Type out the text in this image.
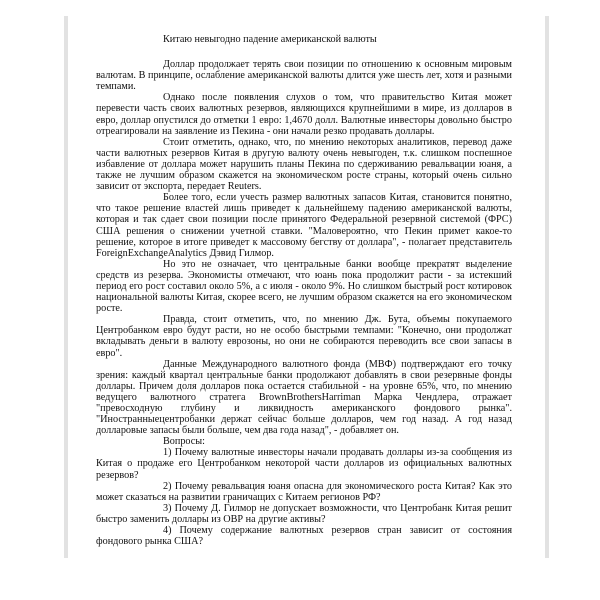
Китаю невыгодно падение американской валюты

Доллар продолжает терять свои позиции по отношению к основным мировым валютам. В принципе, ослабление американской валюты длится уже шесть лет, хотя и разными темпами.

Однако после появления слухов о том, что правительство Китая может перевести часть своих валютных резервов, являющихся крупнейшими в мире, из долларов в евро, доллар опустился до отметки 1 евро: 1,4670 долл. Валютные инвесторы довольно быстро отреагировали на заявление из Пекина - они начали резко продавать доллары.

Стоит отметить, однако, что, по мнению некоторых аналитиков, перевод даже части валютных резервов Китая в другую валюту очень невыгоден, т.к. слишком поспешное избавление от доллара может нарушить планы Пекина по сдерживанию ревальвации юаня, а также не лучшим образом скажется на экономическом росте страны, который очень сильно зависит от экспорта, передает Reuters.

Более того, если учесть размер валютных запасов Китая, становится понятно, что такое решение властей лишь приведет к дальнейшему падению американской валюты, которая и так сдает свои позиции после принятого Федеральной резервной системой (ФРС) США решения о снижении учетной ставки. "Маловероятно, что Пекин примет какое-то решение, которое в итоге приведет к массовому бегству от доллара", - полагает представитель ForeignExchangeAnalytics Дэвид Гилмор.

Но это не означает, что центральные банки вообще прекратят выделение средств из резерва. Экономисты отмечают, что юань пока продолжит расти - за истекший период его рост составил около 5%, а с июля - около 9%. Но слишком быстрый рост котировок национальной валюты Китая, скорее всего, не лучшим образом скажется на его экономическом росте.

Правда, стоит отметить, что, по мнению Дж. Бута, объемы покупаемого Центробанком евро будут расти, но не особо быстрыми темпами: "Конечно, они продолжат вкладывать деньги в валюту еврозоны, но они не собираются переводить все свои запасы в евро".

Данные Международного валютного фонда (МВФ) подтверждают его точку зрения: каждый квартал центральные банки продолжают добавлять в свои резервные фонды доллары. Причем доля долларов пока остается стабильной - на уровне 65%, что, по мнению ведущего валютного стратега BrownBrothersHarriman Марка Чендлера, отражает "превосходную глубину и ликвидность американского фондового рынка". "Иностранныецентробанки держат сейчас больше долларов, чем год назад. А год назад долларовые запасы были больше, чем два года назад", - добавляет он.

Вопросы:

1) Почему валютные инвесторы начали продавать доллары из-за сообщения из Китая о продаже его Центробанком некоторой части долларов из официальных валютных резервов?

2) Почему ревальвация юаня опасна для экономического роста Китая? Как это может сказаться на развитии граничащих с Китаем регионов РФ?

3) Почему Д. Гилмор не допускает возможности, что Центробанк Китая решит быстро заменить доллары из ОВР на другие активы?

4) Почему содержание валютных резервов стран зависит от состояния фондового рынка США?
